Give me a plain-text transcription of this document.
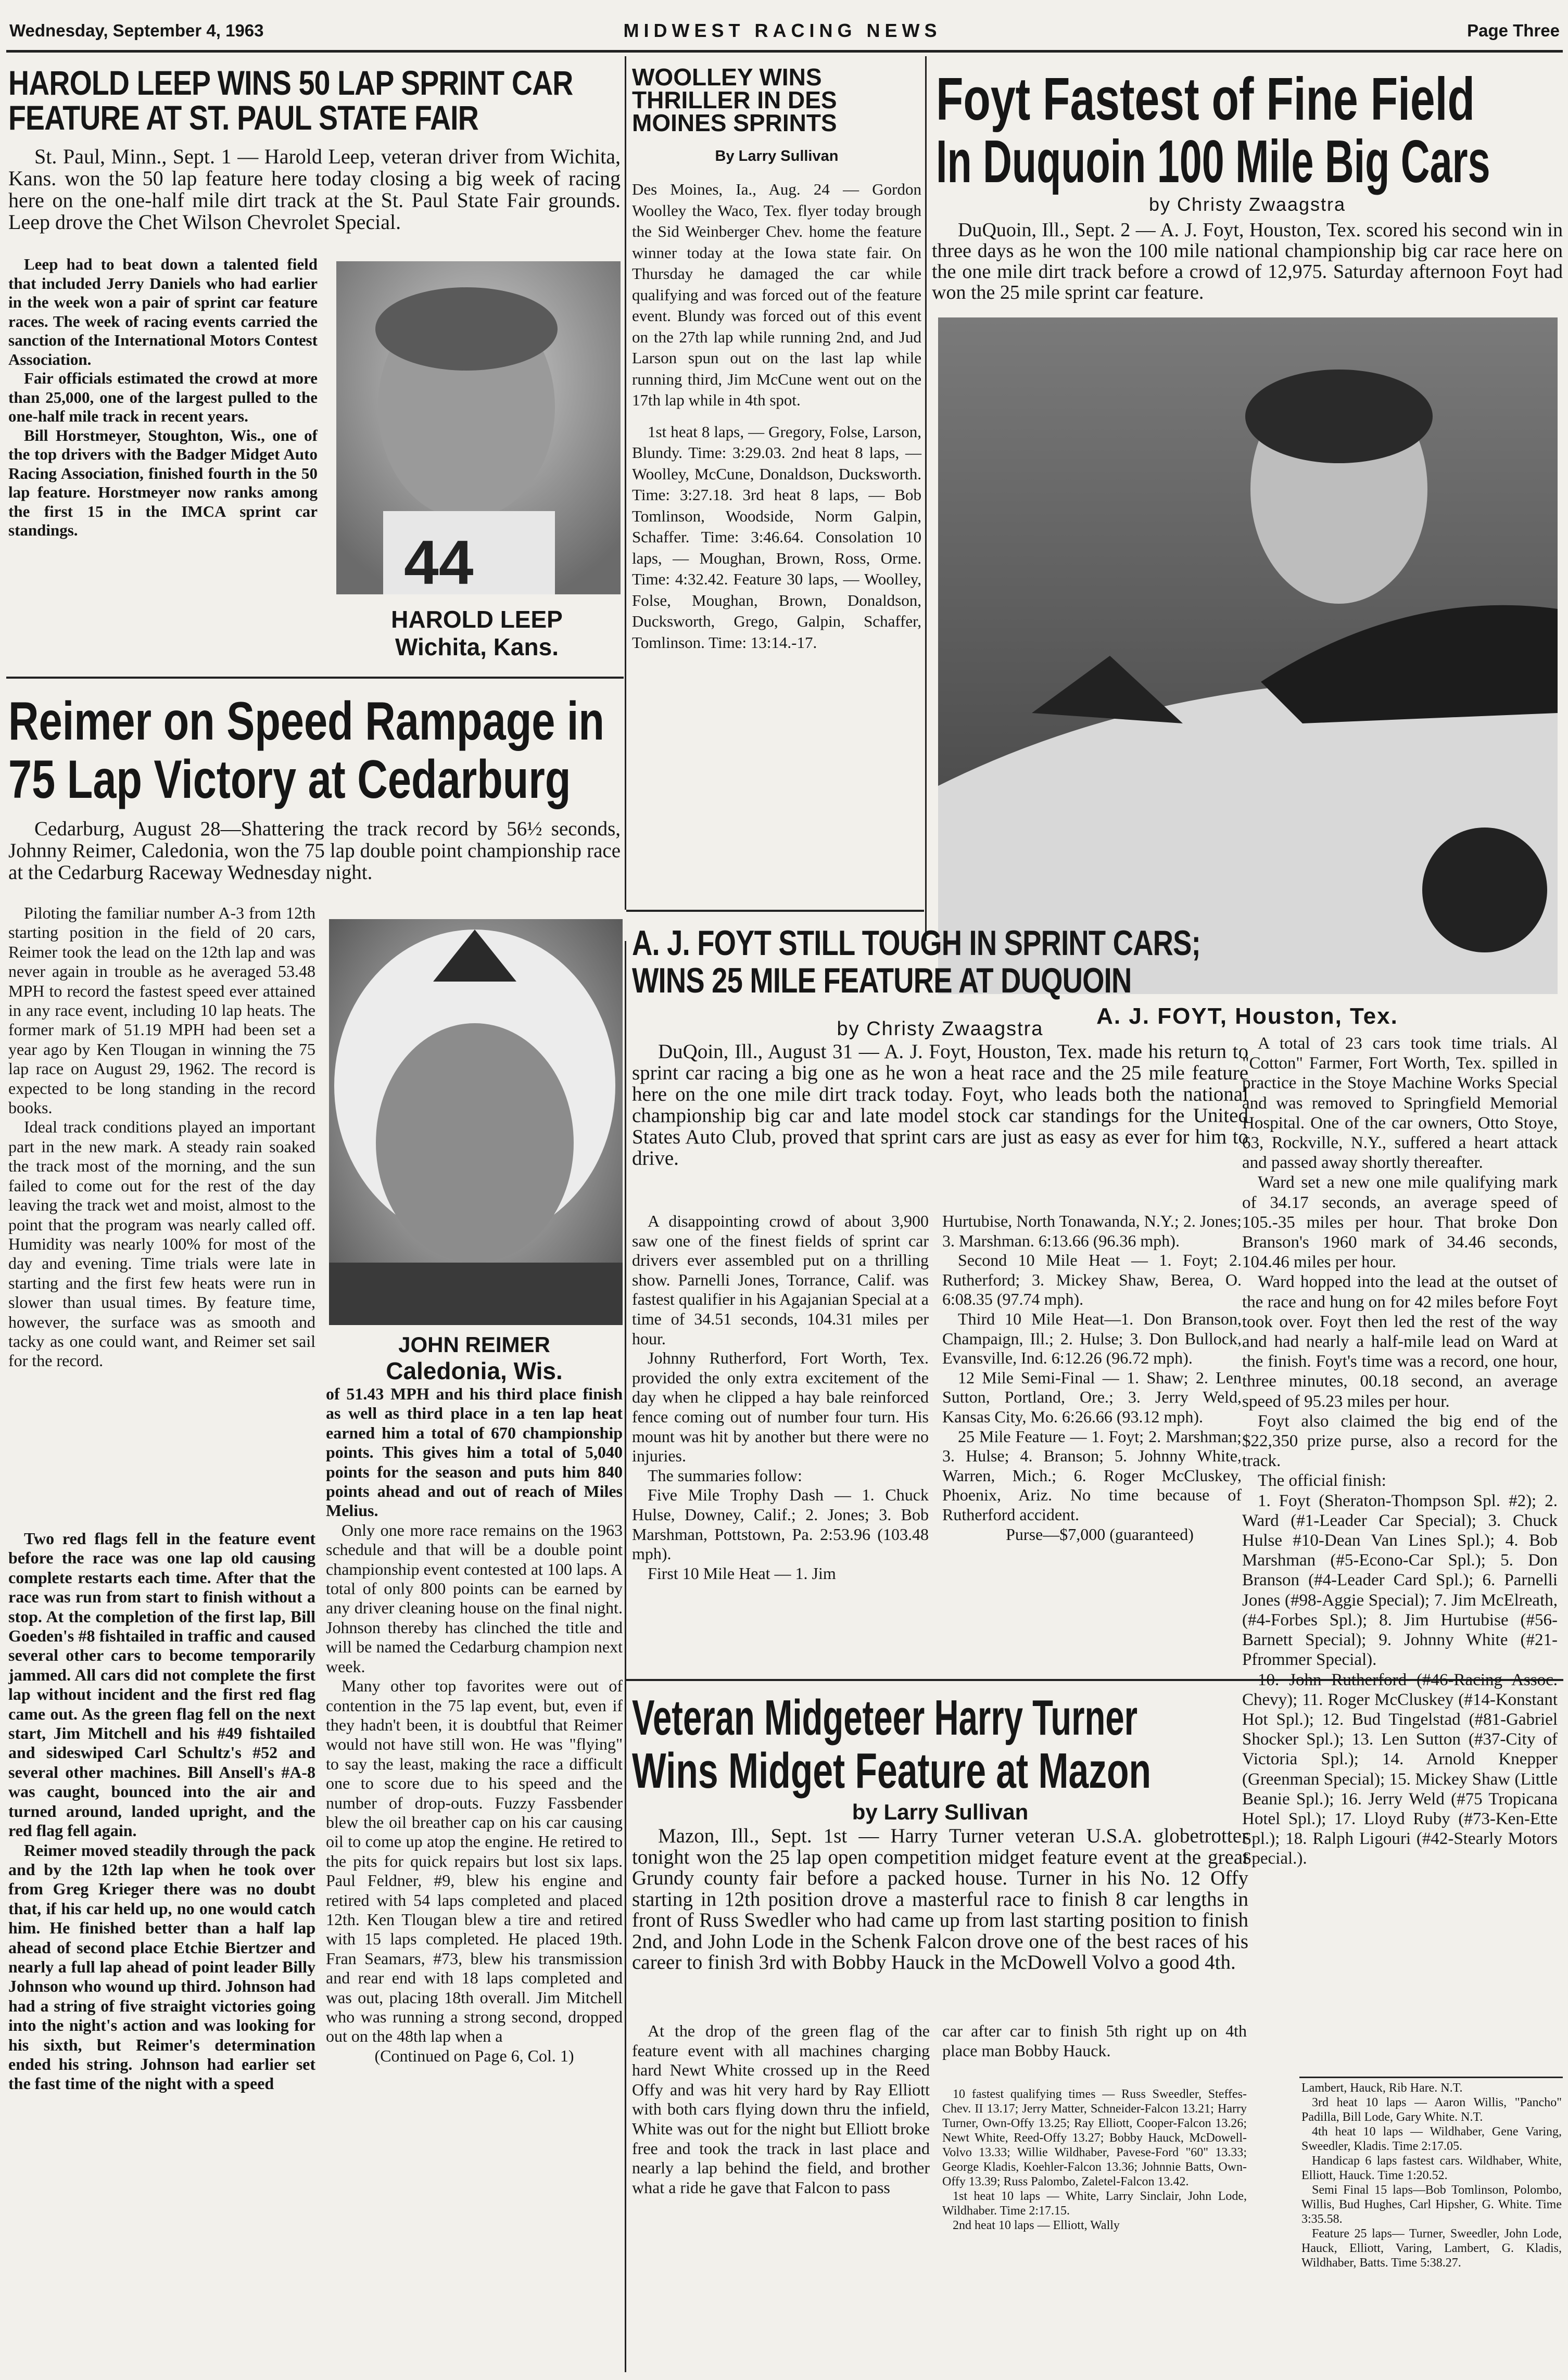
Wednesday, September 4, 1963	MIDWEST RACING NEWS	Page Three
HAROLD LEEP WINS 50 LAP SPRINT CAR FEATURE AT ST. PAUL STATE FAIR

St. Paul, Minn., Sept. 1 — Harold Leep, veteran driver from Wichita, Kans. won the 50 lap feature here today closing a big week of racing here on the one-half mile dirt track at the St. Paul State Fair grounds. Leep drove the Chet Wilson Chevrolet Special.

Leep had to beat down a talented field that included Jerry Daniels who had earlier in the week won a pair of sprint car feature races. The week of racing events carried the sanction of the International Motors Contest Association.

Fair officials estimated the crowd at more than 25,000, one of the largest pulled to the one-half mile track in recent years.

Bill Horstmeyer, Stoughton, Wis., one of the top drivers with the Badger Midget Auto Racing Association, finished fourth in the 50 lap feature. Horstmeyer now ranks among the first 15 in the IMCA sprint car standings.	44
HAROLD LEEP
Wichita, Kans.
Reimer on Speed Rampage in 75 Lap Victory at Cedarburg

Cedarburg, August 28—Shattering the track record by 56½ seconds, Johnny Reimer, Caledonia, won the 75 lap double point championship race at the Cedarburg Raceway Wednesday night.

Piloting the familiar number A-3 from 12th starting position in the field of 20 cars, Reimer took the lead on the 12th lap and was never again in trouble as he averaged 53.48 MPH to record the fastest speed ever attained in any race event, including 10 lap heats. The former mark of 51.19 MPH had been set a year ago by Ken Tlougan in winning the 75 lap race on August 29, 1962. The record is expected to be long standing in the record books.

Ideal track conditions played an important part in the new mark. A steady rain soaked the track most of the morning, and the sun failed to come out for the rest of the day leaving the track wet and moist, almost to the point that the program was nearly called off. Humidity was nearly 100% for most of the day and evening. Time trials were late in starting and the first few heats were run in slower than usual times. By feature time, however, the surface was as smooth and tacky as one could want, and Reimer set sail for the record.

Two red flags fell in the feature event before the race was one lap old causing complete restarts each time. After that the race was run from start to finish without a stop. At the completion of the first lap, Bill Goeden's #8 fishtailed in traffic and caused several other cars to become temporarily jammed. All cars did not complete the first lap without incident and the first red flag came out. As the green flag fell on the next start, Jim Mitchell and his #49 fishtailed and sideswiped Carl Schultz's #52 and several other machines. Bill Ansell's #A-8 was caught, bounced into the air and turned around, landed upright, and the red flag fell again.

Reimer moved steadily through the pack and by the 12th lap when he took over from Greg Krieger there was no doubt that, if his car held up, no one would catch him. He finished better than a half lap ahead of second place Etchie Biertzer and nearly a full lap ahead of point leader Billy Johnson who wound up third. Johnson had had a string of five straight victories going into the night's action and was looking for his sixth, but Reimer's determination ended his string. Johnson had earlier set the fast time of the night with a speed

JOHN REIMER
Caledonia, Wis.

of 51.43 MPH and his third place finish as well as third place in a ten lap heat earned him a total of 670 championship points. This gives him a total of 5,040 points for the season and puts him 840 points ahead and out of reach of Miles Melius.

Only one more race remains on the 1963 schedule and that will be a double point championship event contested at 100 laps. A total of only 800 points can be earned by any driver cleaning house on the final night. Johnson thereby has clinched the title and will be named the Cedarburg champion next week.

Many other top favorites were out of contention in the 75 lap event, but, even if they hadn't been, it is doubtful that Reimer would not have still won. He was "flying" to say the least, making the race a difficult one to score due to his speed and the number of drop-outs. Fuzzy Fassbender blew the oil breather cap on his car causing oil to come up atop the engine. He retired to the pits for quick repairs but lost six laps. Paul Feldner, #9, blew his engine and retired with 54 laps completed and placed 12th. Ken Tlougan blew a tire and retired with 15 laps completed. He placed 19th. Fran Seamars, #73, blew his transmission and rear end with 18 laps completed and was out, placing 18th overall. Jim Mitchell who was running a strong second, dropped out on the 48th lap when a

(Continued on Page 6, Col. 1)

WOOLLEY WINS THRILLER IN DES MOINES SPRINTS
By Larry Sullivan

Des Moines, Ia., Aug. 24 — Gordon Woolley the Waco, Tex. flyer today brough the Sid Weinberger Chev. home the feature winner today at the Iowa state fair. On Thursday he damaged the car while qualifying and was forced out of the feature event. Blundy was forced out of this event on the 27th lap while running 2nd, and Jud Larson spun out on the last lap while running third, Jim McCune went out on the 17th lap while in 4th spot.

1st heat 8 laps, — Gregory, Folse, Larson, Blundy. Time: 3:29.03. 2nd heat 8 laps, — Woolley, McCune, Donaldson, Ducksworth. Time: 3:27.18. 3rd heat 8 laps, — Bob Tomlinson, Woodside, Norm Galpin, Schaffer. Time: 3:46.64. Consolation 10 laps, — Moughan, Brown, Ross, Orme. Time: 4:32.42. Feature 30 laps, — Woolley, Folse, Moughan, Brown, Donaldson, Ducksworth, Grego, Galpin, Schaffer, Tomlinson. Time: 13:14.-17.

Foyt Fastest of Fine Field
In Duquoin 100 Mile Big Cars
by Christy Zwaagstra

DuQuoin, Ill., Sept. 2 — A. J. Foyt, Houston, Tex. scored his second win in three days as he won the 100 mile national championship big car race here on the one mile dirt track before a crowd of 12,975. Saturday afternoon Foyt had won the 25 mile sprint car feature.

A. J. FOYT, Houston, Tex.

A total of 23 cars took time trials. Al "Cotton" Farmer, Fort Worth, Tex. spilled in practice in the Stoye Machine Works Special and was removed to Springfield Memorial Hospital. One of the car owners, Otto Stoye, 63, Rockville, N.Y., suffered a heart attack and passed away shortly thereafter.

Ward set a new one mile qualifying mark of 34.17 seconds, an average speed of 105.-35 miles per hour. That broke Don Branson's 1960 mark of 34.46 seconds, 104.46 miles per hour.

Ward hopped into the lead at the outset of the race and hung on for 42 miles before Foyt took over. Foyt then led the rest of the way and had nearly a half-mile lead on Ward at the finish. Foyt's time was a record, one hour, three minutes, 00.18 second, an average speed of 95.23 miles per hour.

Foyt also claimed the big end of the $22,350 prize purse, also a record for the track.

The official finish:

1. Foyt (Sheraton-Thompson Spl. #2); 2. Ward (#1-Leader Car Special); 3. Chuck Hulse #10-Dean Van Lines Spl.); 4. Bob Marshman (#5-Econo-Car Spl.); 5. Don Branson (#4-Leader Card Spl.); 6. Parnelli Jones (#98-Aggie Special); 7. Jim McElreath, (#4-Forbes Spl.); 8. Jim Hurtubise (#56-Barnett Special); 9. Johnny White (#21-Pfrommer Special).

10. John Rutherford (#46-Racing Assoc. Chevy); 11. Roger McCluskey (#14-Konstant Hot Spl.); 12. Bud Tingelstad (#81-Gabriel Shocker Spl.); 13. Len Sutton (#37-City of Victoria Spl.); 14. Arnold Knepper (Greenman Special); 15. Mickey Shaw (Little Beanie Spl.); 16. Jerry Weld (#75 Tropicana Hotel Spl.); 17. Lloyd Ruby (#73-Ken-Ette Spl.); 18. Ralph Ligouri (#42-Stearly Motors Special.).

A. J. FOYT STILL TOUGH IN SPRINT CARS; WINS 25 MILE FEATURE AT DUQUOIN
by Christy Zwaagstra

DuQoin, Ill., August 31 — A. J. Foyt, Houston, Tex. made his return to sprint car racing a big one as he won a heat race and the 25 mile feature here on the one mile dirt track today. Foyt, who leads both the national championship big car and late model stock car standings for the United States Auto Club, proved that sprint cars are just as easy as ever for him to drive.

A disappointing crowd of about 3,900 saw one of the finest fields of sprint car drivers ever assembled put on a thrilling show. Parnelli Jones, Torrance, Calif. was fastest qualifier in his Agajanian Special at a time of 34.51 seconds, 104.31 miles per hour.

Johnny Rutherford, Fort Worth, Tex. provided the only extra excitement of the day when he clipped a hay bale reinforced fence coming out of number four turn. His mount was hit by another but there were no injuries.

The summaries follow:

Five Mile Trophy Dash — 1. Chuck Hulse, Downey, Calif.; 2. Jones; 3. Bob Marshman, Pottstown, Pa. 2:53.96 (103.48 mph).

First 10 Mile Heat — 1. Jim

Hurtubise, North Tonawanda, N.Y.; 2. Jones; 3. Marshman. 6:13.66 (96.36 mph).

Second 10 Mile Heat — 1. Foyt; 2. Rutherford; 3. Mickey Shaw, Berea, O. 6:08.35 (97.74 mph).

Third 10 Mile Heat—1. Don Branson, Champaign, Ill.; 2. Hulse; 3. Don Bullock, Evansville, Ind. 6:12.26 (96.72 mph).

12 Mile Semi-Final — 1. Shaw; 2. Len Sutton, Portland, Ore.; 3. Jerry Weld, Kansas City, Mo. 6:26.66 (93.12 mph).

25 Mile Feature — 1. Foyt; 2. Marshman; 3. Hulse; 4. Branson; 5. Johnny White, Warren, Mich.; 6. Roger McCluskey, Phoenix, Ariz. No time because of Rutherford accident.

Purse—$7,000 (guaranteed)

Veteran Midgeteer Harry Turner
Wins Midget Feature at Mazon
by Larry Sullivan

Mazon, Ill., Sept. 1st — Harry Turner veteran U.S.A. globetrotter tonight won the 25 lap open competition midget feature event at the great Grundy county fair before a packed house. Turner in his No. 12 Offy starting in 12th position drove a masterful race to finish 8 car lengths in front of Russ Swedler who had came up from last starting position to finish 2nd, and John Lode in the Schenk Falcon drove one of the best races of his career to finish 3rd with Bobby Hauck in the McDowell Volvo a good 4th.

At the drop of the green flag of the feature event with all machines charging hard Newt White crossed up in the Reed Offy and was hit very hard by Ray Elliott with both cars flying down thru the infield, White was out for the night but Elliott broke free and took the track in last place and nearly a lap behind the field, and brother what a ride he gave that Falcon to pass

car after car to finish 5th right up on 4th place man Bobby Hauck.

10 fastest qualifying times — Russ Sweedler, Steffes-Chev. II 13.17; Jerry Matter, Schneider-Falcon 13.21; Harry Turner, Own-Offy 13.25; Ray Elliott, Cooper-Falcon 13.26; Newt White, Reed-Offy 13.27; Bobby Hauck, McDowell-Volvo 13.33; Willie Wildhaber, Pavese-Ford "60" 13.33; George Kladis, Koehler-Falcon 13.36; Johnnie Batts, Own-Offy 13.39; Russ Palombo, Zaletel-Falcon 13.42.

1st heat 10 laps — White, Larry Sinclair, John Lode, Wildhaber. Time 2:17.15.

2nd heat 10 laps — Elliott, Wally

Lambert, Hauck, Rib Hare. N.T.

3rd heat 10 laps — Aaron Willis, "Pancho" Padilla, Bill Lode, Gary White. N.T.

4th heat 10 laps — Wildhaber, Gene Varing, Sweedler, Kladis. Time 2:17.05.

Handicap 6 laps fastest cars. Wildhaber, White, Elliott, Hauck. Time 1:20.52.

Semi Final 15 laps—Bob Tomlinson, Polombo, Willis, Bud Hughes, Carl Hipsher, G. White. Time 3:35.58.

Feature 25 laps— Turner, Sweedler, John Lode, Hauck, Elliott, Varing, Lambert, G. Kladis, Wildhaber, Batts. Time 5:38.27.
